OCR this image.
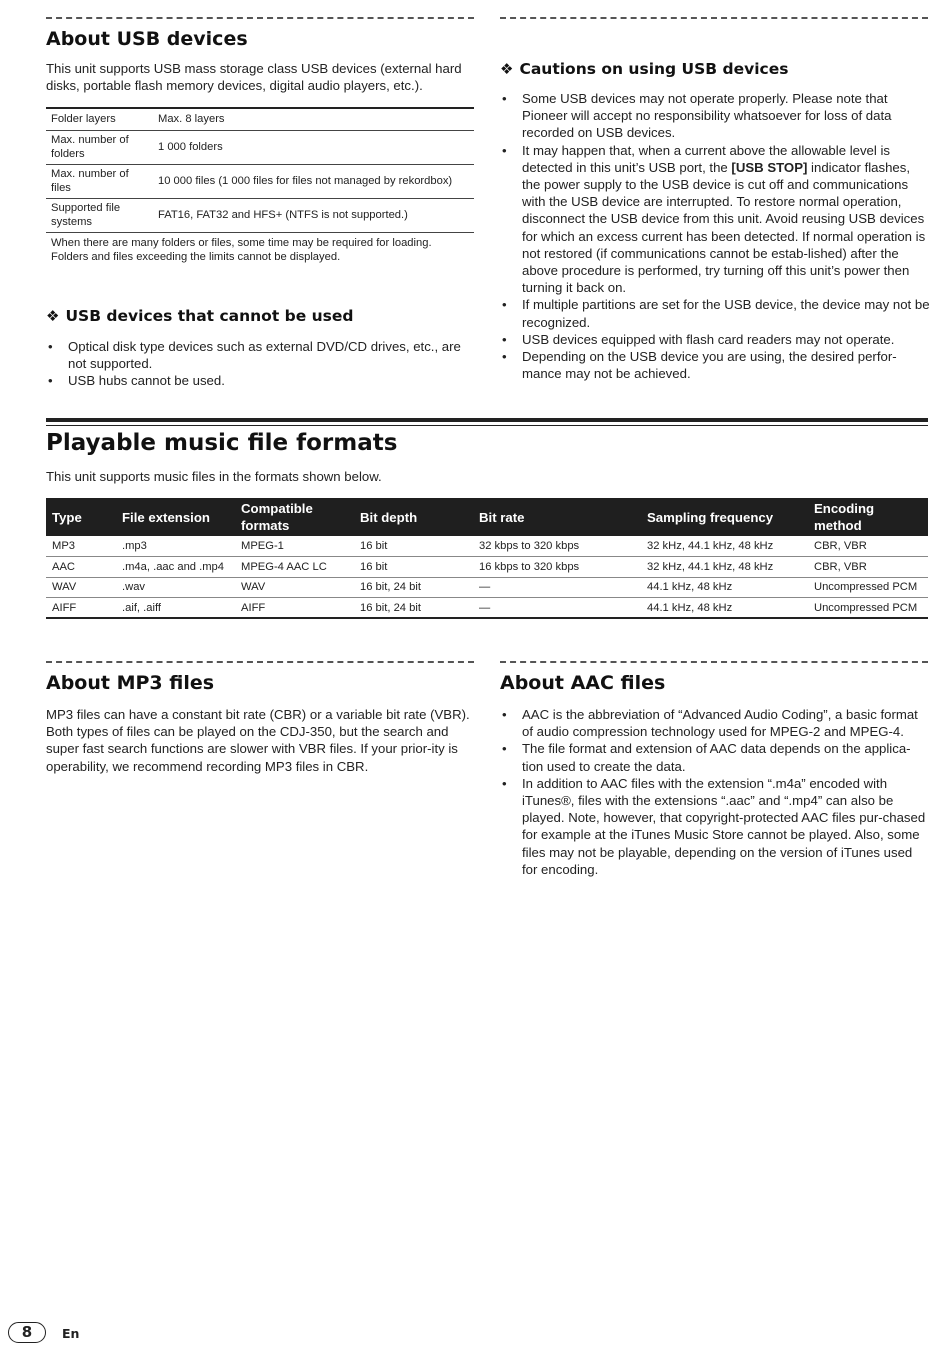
About USB devices

This unit supports USB mass storage class USB devices (external hard disks, portable flash memory devices, digital audio players, etc.).

Folder layers	Max. 8 layers
Max. number of folders	1 000 folders
Max. number of files	10 000 files (1 000 files for files not managed by rekordbox)
Supported file systems	FAT16, FAT32 and HFS+ (NTFS is not supported.)
When there are many folders or files, some time may be required for loading. Folders and files exceeding the limits cannot be displayed.	
❖ USB devices that cannot be used
• Optical disk type devices such as external DVD/CD drives, etc., are not supported.
• USB hubs cannot be used.
❖ Cautions on using USB devices
• Some USB devices may not operate properly. Please note that Pioneer will accept no responsibility whatsoever for loss of data recorded on USB devices.
• It may happen that, when a current above the allowable level is detected in this unit’s USB port, the [USB STOP] indicator flashes, the power supply to the USB device is cut off and communications with the USB device are interrupted. To restore normal operation, disconnect the USB device from this unit. Avoid reusing USB devices for which an excess current has been detected. If normal operation is not restored (if communications cannot be estab-lished) after the above procedure is performed, try turning off this unit’s power then turning it back on.
• If multiple partitions are set for the USB device, the device may not be recognized.
• USB devices equipped with flash card readers may not operate.
• Depending on the USB device you are using, the desired perfor-mance may not be achieved.
Playable music file formats

This unit supports music files in the formats shown below.

Type	File extension	Compatible formats	Bit depth	Bit rate	Sampling frequency	Encoding method
MP3	.mp3	MPEG-1	16 bit	32 kbps to 320 kbps	32 kHz, 44.1 kHz, 48 kHz	CBR, VBR
AAC	.m4a, .aac and .mp4	MPEG-4 AAC LC	16 bit	16 kbps to 320 kbps	32 kHz, 44.1 kHz, 48 kHz	CBR, VBR
WAV	.wav	WAV	16 bit, 24 bit	—	44.1 kHz, 48 kHz	Uncompressed PCM
AIFF	.aif, .aiff	AIFF	16 bit, 24 bit	—	44.1 kHz, 48 kHz	Uncompressed PCM
About MP3 files

MP3 files can have a constant bit rate (CBR) or a variable bit rate (VBR). Both types of files can be played on the CDJ-350, but the search and super fast search functions are slower with VBR files. If your prior-ity is operability, we recommend recording MP3 files in CBR.

About AAC files
• AAC is the abbreviation of “Advanced Audio Coding”, a basic format of audio compression technology used for MPEG-2 and MPEG-4.
• The file format and extension of AAC data depends on the applica-tion used to create the data.
• In addition to AAC files with the extension “.m4a” encoded with iTunes®, files with the extensions “.aac” and “.mp4” can also be played. Note, however, that copyright-protected AAC files pur-chased for example at the iTunes Music Store cannot be played. Also, some files may not be playable, depending on the version of iTunes used for encoding.
8	En
